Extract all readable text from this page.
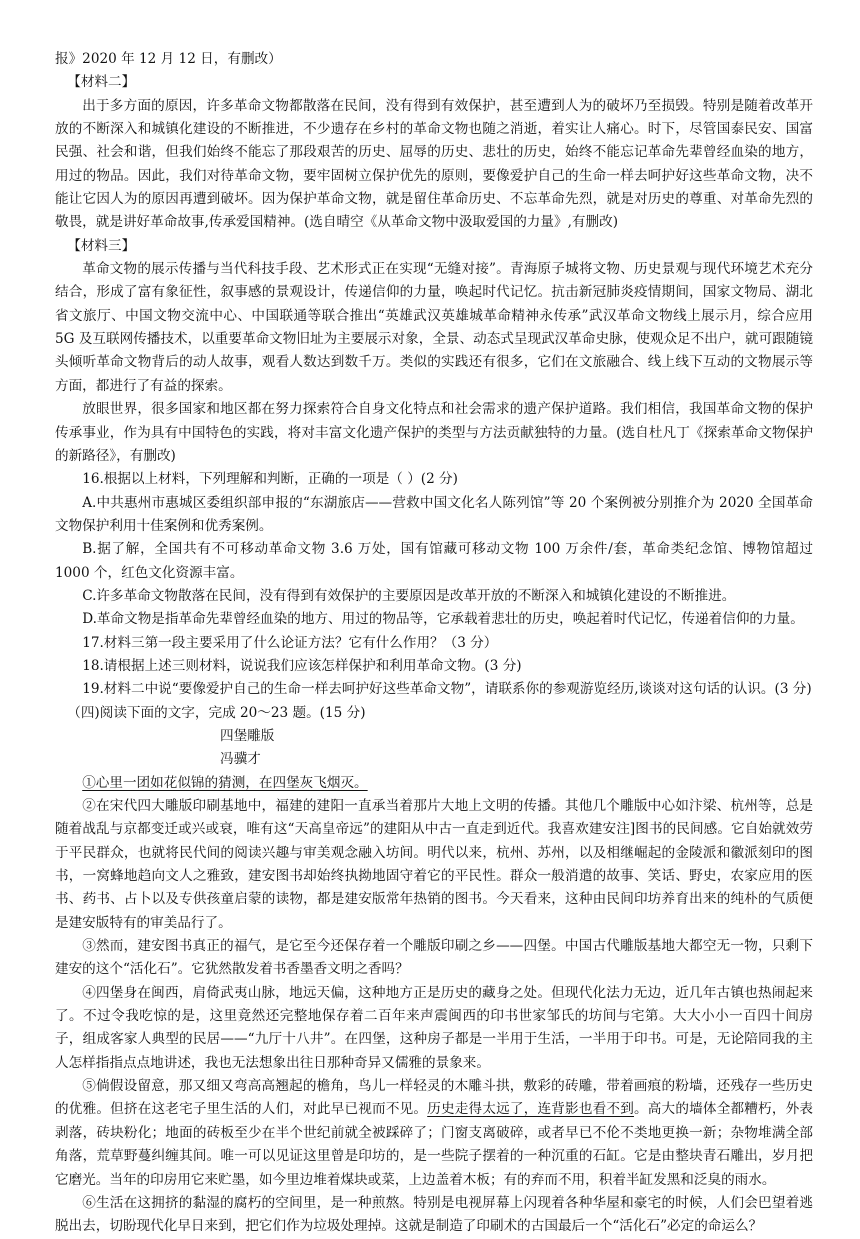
报》2020 年 12 月 12 日，有删改）

【材料二】

出于多方面的原因，许多革命文物都散落在民间，没有得到有效保护，甚至遭到人为的破坏乃至损毁。特别是随着改革开放的不断深入和城镇化建设的不断推进，不少遗存在乡村的革命文物也随之消逝，着实让人痛心。时下，尽管国泰民安、国富民强、社会和谐，但我们始终不能忘了那段艰苦的历史、屈辱的历史、悲壮的历史，始终不能忘记革命先辈曾经血染的地方，用过的物品。因此，我们对待革命文物，要牢固树立保护优先的原则，要像爱护自己的生命一样去呵护好这些革命文物，决不能让它因人为的原因再遭到破坏。因为保护革命文物，就是留住革命历史、不忘革命先烈，就是对历史的尊重、对革命先烈的敬畏，就是讲好革命故事,传承爱国精神。(选自晴空《从革命文物中汲取爱国的力量》,有删改)

【材料三】

革命文物的展示传播与当代科技手段、艺术形式正在实现“无缝对接”。青海原子城将文物、历史景观与现代环境艺术充分结合，形成了富有象征性，叙事感的景观设计，传递信仰的力量，唤起时代记忆。抗击新冠肺炎疫情期间，国家文物局、湖北省文旅厅、中国文物交流中心、中国联通等联合推出“英雄武汉英雄城革命精神永传承”武汉革命文物线上展示月，综合应用 5G 及互联网传播技术，以重要革命文物旧址为主要展示对象，全景、动态式呈现武汉革命史脉，使观众足不出户，就可跟随镜头倾听革命文物背后的动人故事，观看人数达到数千万。类似的实践还有很多，它们在文旅融合、线上线下互动的文物展示等方面，都进行了有益的探索。

放眼世界，很多国家和地区都在努力探索符合自身文化特点和社会需求的遗产保护道路。我们相信，我国革命文物的保护传承事业，作为具有中国特色的实践，将对丰富文化遗产保护的类型与方法贡献独特的力量。(选自杜凡丁《探索革命文物保护的新路径》，有删改)

16.根据以上材料，下列理解和判断，正确的一项是（ ）(2 分)

A.中共惠州市惠城区委组织部申报的“东湖旅店——营救中国文化名人陈列馆”等 20 个案例被分别推介为 2020 全国革命文物保护利用十佳案例和优秀案例。

B.据了解，全国共有不可移动革命文物 3.6 万处，国有馆藏可移动文物 100 万余件/套，革命类纪念馆、博物馆超过 1000 个，红色文化资源丰富。

C.许多革命文物散落在民间，没有得到有效保护的主要原因是改革开放的不断深入和城镇化建设的不断推进。

D.革命文物是指革命先辈曾经血染的地方、用过的物品等，它承载着悲壮的历史，唤起着时代记忆，传递着信仰的力量。

17.材料三第一段主要采用了什么论证方法？它有什么作用？（3 分）

18.请根据上述三则材料，说说我们应该怎样保护和利用革命文物。(3 分)

19.材料二中说“要像爱护自己的生命一样去呵护好这些革命文物”，请联系你的参观游览经历,谈谈对这句话的认识。(3 分)

（四)阅读下面的文字，完成 20～23 题。(15 分)

四堡雕版

冯骥才

①心里一团如花似锦的猜测，在四堡灰飞烟灭。

②在宋代四大雕版印刷基地中，福建的建阳一直承当着那片大地上文明的传播。其他几个雕版中心如汴梁、杭州等，总是随着战乱与京都变迁或兴或衰，唯有这“天高皇帝远”的建阳从中古一直走到近代。我喜欢建安注]图书的民间感。它自始就效劳于平民群众，也就将民代间的阅读兴趣与审美观念融入坊间。明代以来，杭州、苏州，以及相继崛起的金陵派和徽派刻印的图书，一窝蜂地趋向文人之雅致，建安图书却始终执拗地固守着它的平民性。群众一般消遣的故事、笑话、野史，农家应用的医书、药书、占卜以及专供孩童启蒙的读物，都是建安版常年热销的图书。今天看来，这种由民间印坊养育出来的纯朴的气质便是建安版特有的审美品行了。

③然而，建安图书真正的福气，是它至今还保存着一个雕版印刷之乡——四堡。中国古代雕版基地大都空无一物，只剩下建安的这个“活化石”。它犹然散发着书香墨香文明之香吗？

④四堡身在闽西，肩倚武夷山脉，地远天偏，这种地方正是历史的藏身之处。但现代化法力无边，近几年古镇也热闹起来了。不过令我吃惊的是，这里竟然还完整地保存着二百年来声震闽西的印书世家邹氏的坊间与宅第。大大小小一百四十间房子，组成客家人典型的民居——“九厅十八井”。在四堡，这种房子都是一半用于生活，一半用于印书。可是，无论陪同我的主人怎样指指点点地讲述，我也无法想象出往日那种奇异又儒雅的景象来。

⑤倘假设留意，那又细又弯高高翘起的檐角，鸟儿一样轻灵的木雕斗拱，敷彩的砖雕，带着画痕的粉墙，还残存一些历史的优雅。但挤在这老宅子里生活的人们，对此早已视而不见。历史走得太远了，连背影也看不到。高大的墙体全都糟朽，外表剥落，砖块粉化；地面的砖板至少在半个世纪前就全被踩碎了；门窗支离破碎，或者早已不伦不类地更换一新；杂物堆满全部角落，荒草野蔓纠缠其间。唯一可以见证这里曾是印坊的，是一些院子摆着的一种沉重的石缸。它是由整块青石雕出，岁月把它磨光。当年的印房用它来贮墨，如今里边堆着煤块或菜，上边盖着木板；有的弃而不用，积着半缸发黑和泛臭的雨水。

⑥生活在这拥挤的黏湿的腐朽的空间里，是一种煎熬。特别是电视屏幕上闪现着各种华屋和豪宅的时候，人们会巴望着逃脱出去，切盼现代化早日来到，把它们作为垃圾处理掉。这就是制造了印刷术的古国最后一个“活化石”必定的命运么？
